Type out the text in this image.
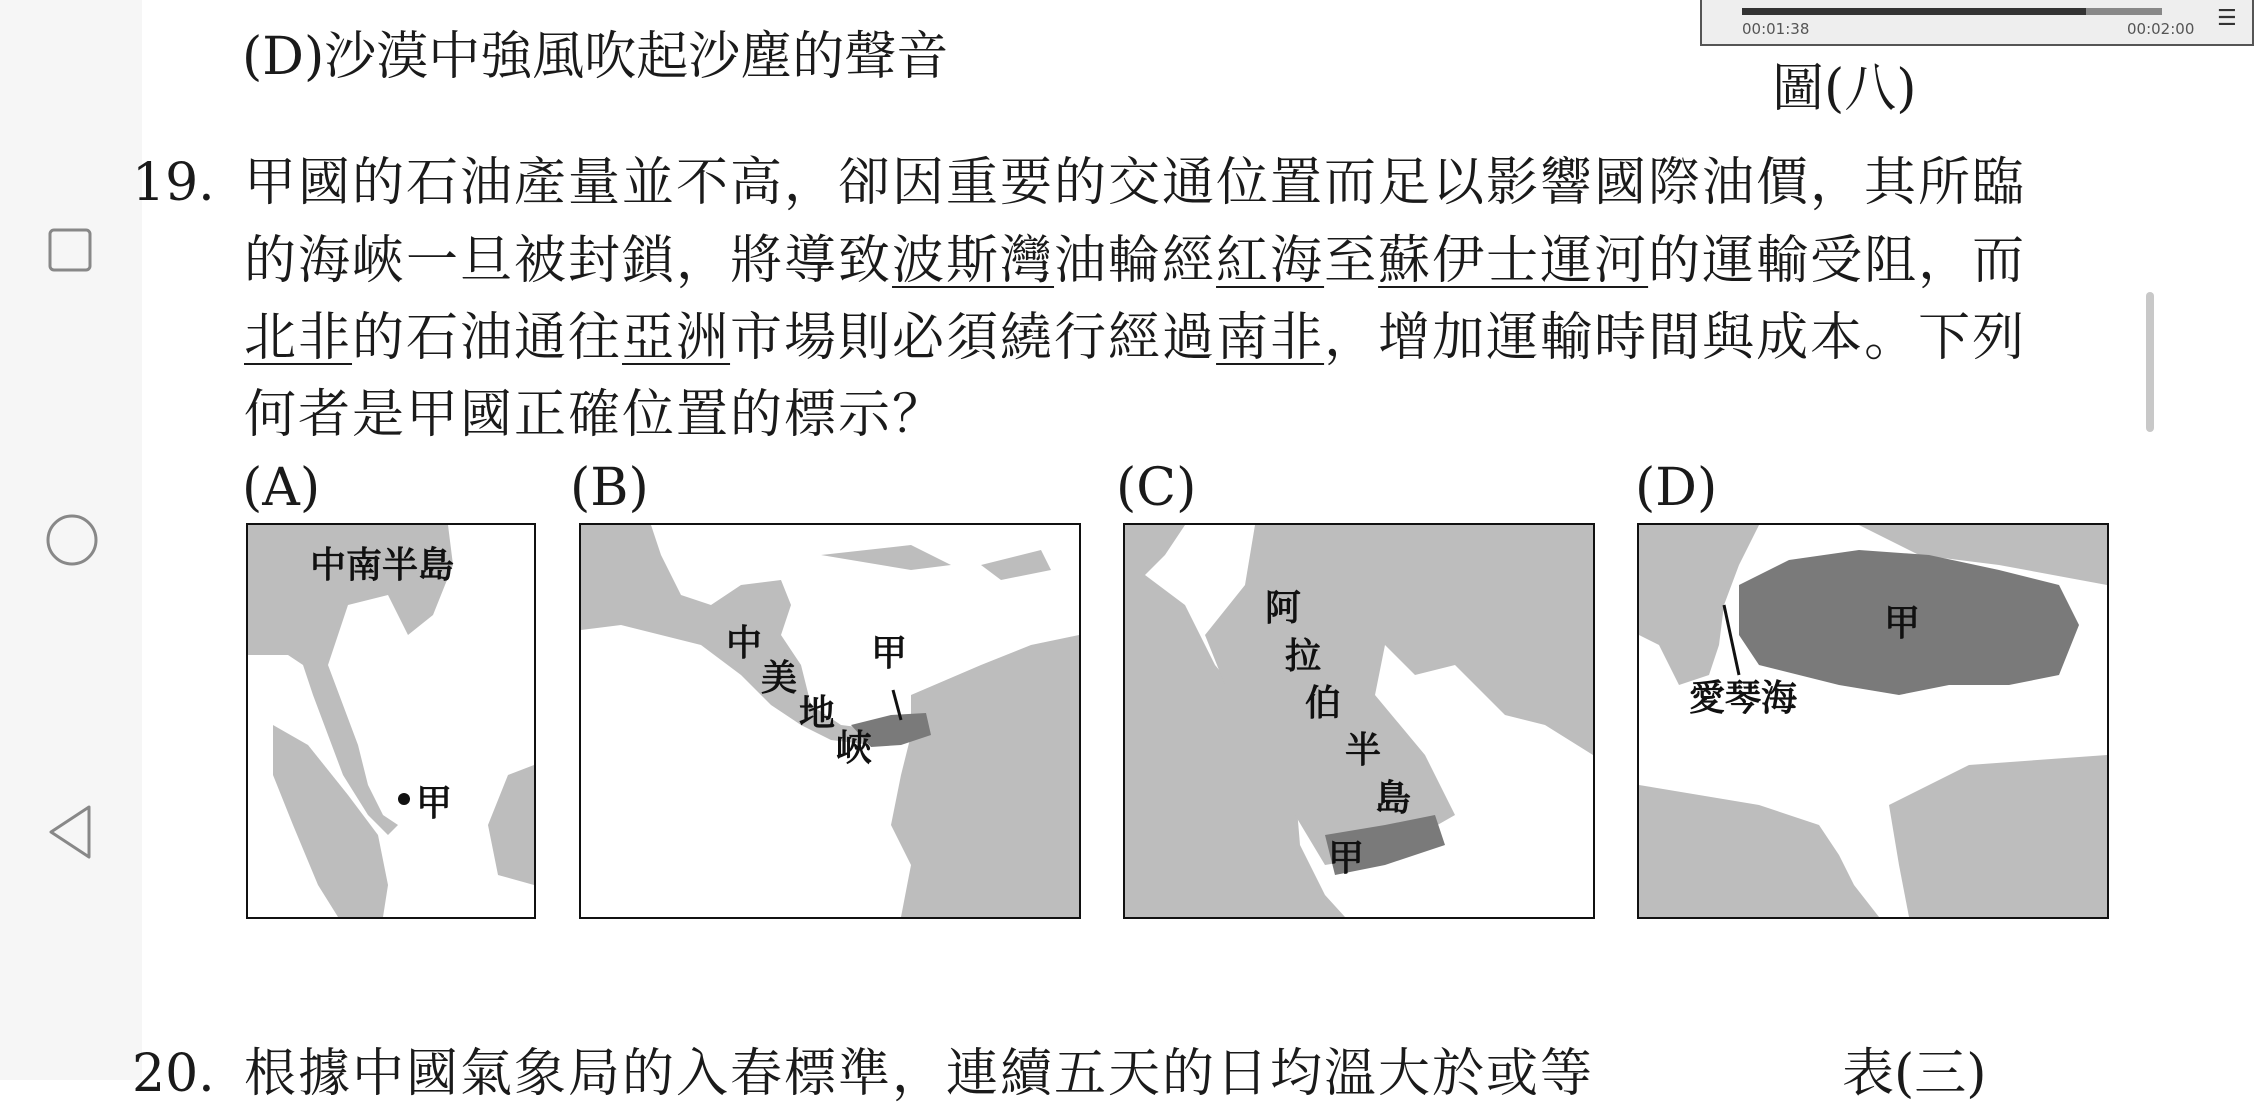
00:01:38	00:02:00 ☰
(D)沙漠中強風吹起沙塵的聲音
圖(八)
19. 甲國的石油產量並不高，卻因重要的交通位置而足以影響國際油價，其所臨
的海峽一旦被封鎖，將導致波斯灣油輪經紅海至蘇伊士運河的運輸受阻，而
北非的石油通往亞洲市場則必須繞行經過南非，增加運輸時間與成本。下列
何者是甲國正確位置的標示？
(A)	(B)	(C)	(D)
中南半島
甲
中
美
地
峽
甲
阿
拉
伯
半
島
甲
甲
愛琴海
20. 根據中國氣象局的入春標準，連續五天的日均溫大於或等	表(三)
